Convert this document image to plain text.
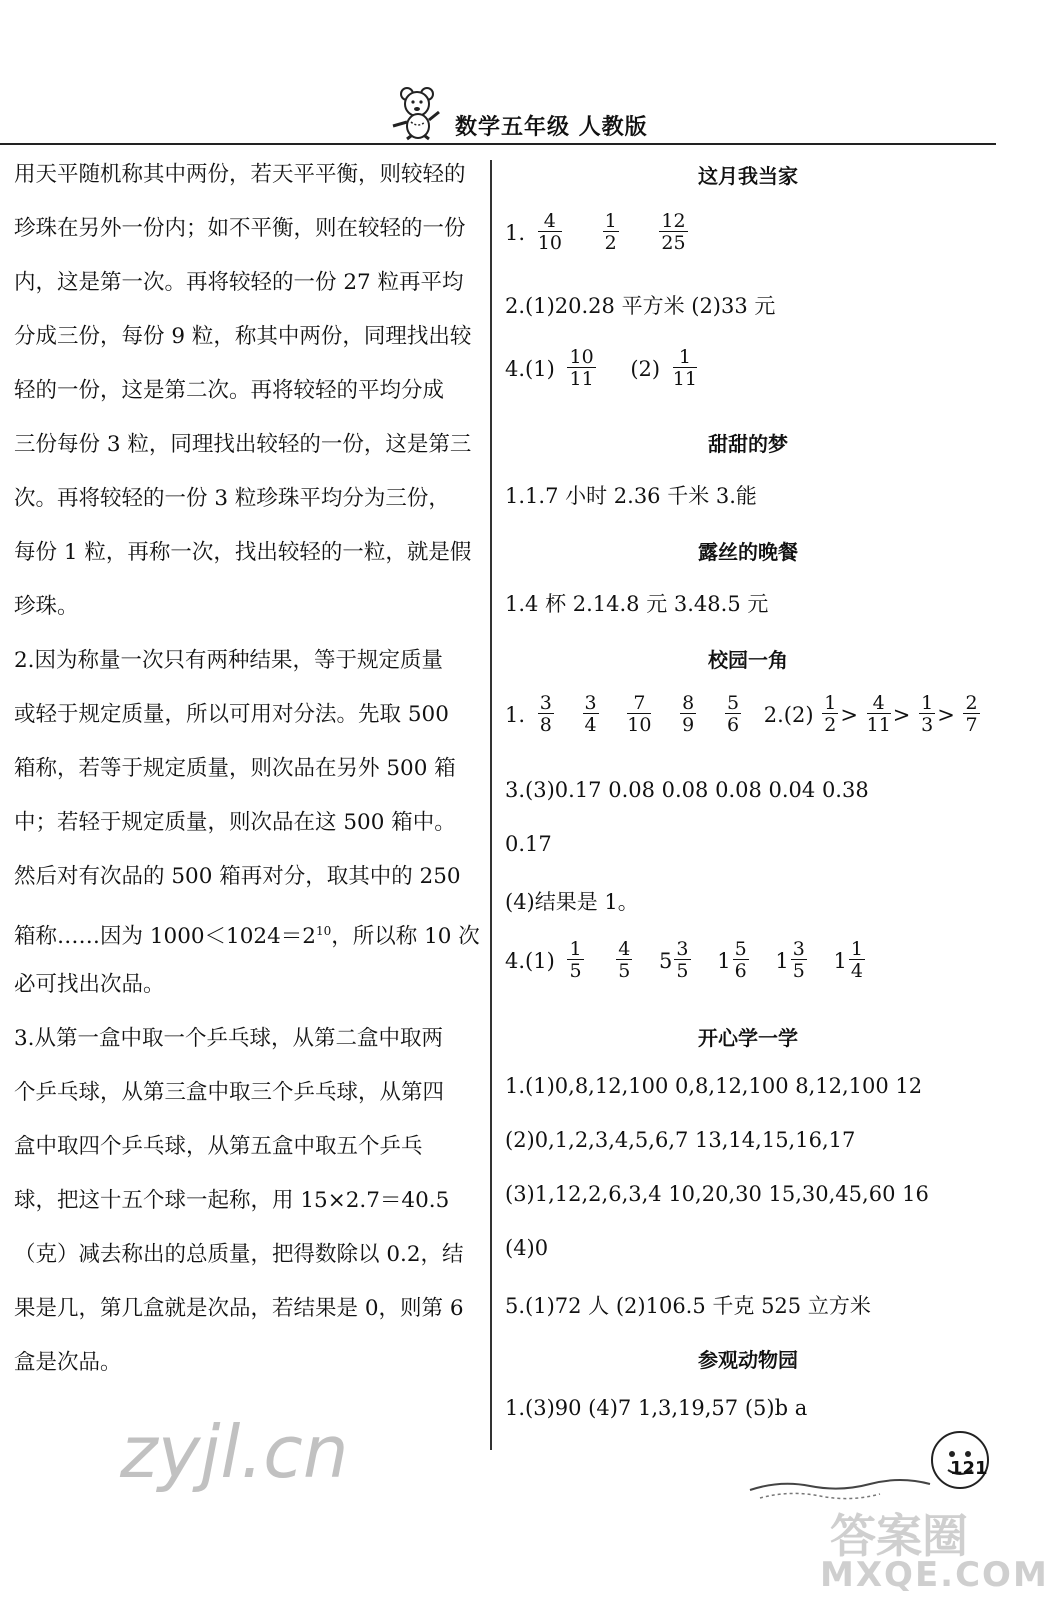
数学五年级 人教版
用天平随机称其中两份，若天平平衡，则较轻的
珍珠在另外一份内；如不平衡，则在较轻的一份
内，这是第一次。再将较轻的一份 27 粒再平均
分成三份，每份 9 粒，称其中两份，同理找出较
轻的一份，这是第二次。再将较轻的平均分成
三份每份 3 粒，同理找出较轻的一份，这是第三
次。再将较轻的一份 3 粒珍珠平均分为三份，
每份 1 粒，再称一次，找出较轻的一粒，就是假
珍珠。
2.因为称量一次只有两种结果，等于规定质量
或轻于规定质量，所以可用对分法。先取 500
箱称，若等于规定质量，则次品在另外 500 箱
中；若轻于规定质量，则次品在这 500 箱中。
然后对有次品的 500 箱再对分，取其中的 250
箱称……因为 $1000<1024=2^{10}$，所以称 10 次
必可找出次品。
3.从第一盒中取一个乒乓球，从第二盒中取两
个乒乓球，从第三盒中取三个乒乓球，从第四
盒中取四个乒乓球，从第五盒中取五个乒乓
球，把这十五个球一起称，用 15×2.7＝40.5
（克）减去称出的总质量，把得数除以 0.2，结
果是几，第几盒就是次品，若结果是 0，则第 6
盒是次品。
这月我当家
1. $\frac{4}{10}$
$\frac{1}{2}$
$\frac{12}{25}$
2.(1)20.28 平方米 (2)33 元
$4.(1) \frac{10}{11} (2) \frac{1}{11}$
甜甜的梦
1.1.7 小时 2.36 千米 3.能
露丝的晚餐
1.4 杯 2.14.8 元 3.48.5 元
校园一角
1. $\frac{3}{8}$
$\frac{3}{4}$
$\frac{7}{10}$
$\frac{8}{9}$
$\frac{5}{6} 2.(2) \frac{1}{2} > \frac{4}{11} > \frac{1}{3} > \frac{2}{7}$
3.(3)0.17 0.08 0.08 0.08 0.04 0.38
0.17
(4)结果是 1。
$4.(1) \frac{1}{5}$
$\frac{4}{5} 5 \frac{3}{5} 1 \frac{5}{6} 1 \frac{3}{5} 1 \frac{1}{4}$
开心学一学
1.(1)0,8,12,100 0,8,12,100 8,12,100 12
(2)0,1,2,3,4,5,6,7 13,14,15,16,17
(3)1,12,2,6,3,4 10,20,30 15,30,45,60 16
(4)0
5.(1)72 人 (2)106.5 千克 525 立方米
参观动物园
1.(3)90 (4)7 1,3,19,57 (5)b a
zyjl.cn	121
答案圈
MXQE.COM
